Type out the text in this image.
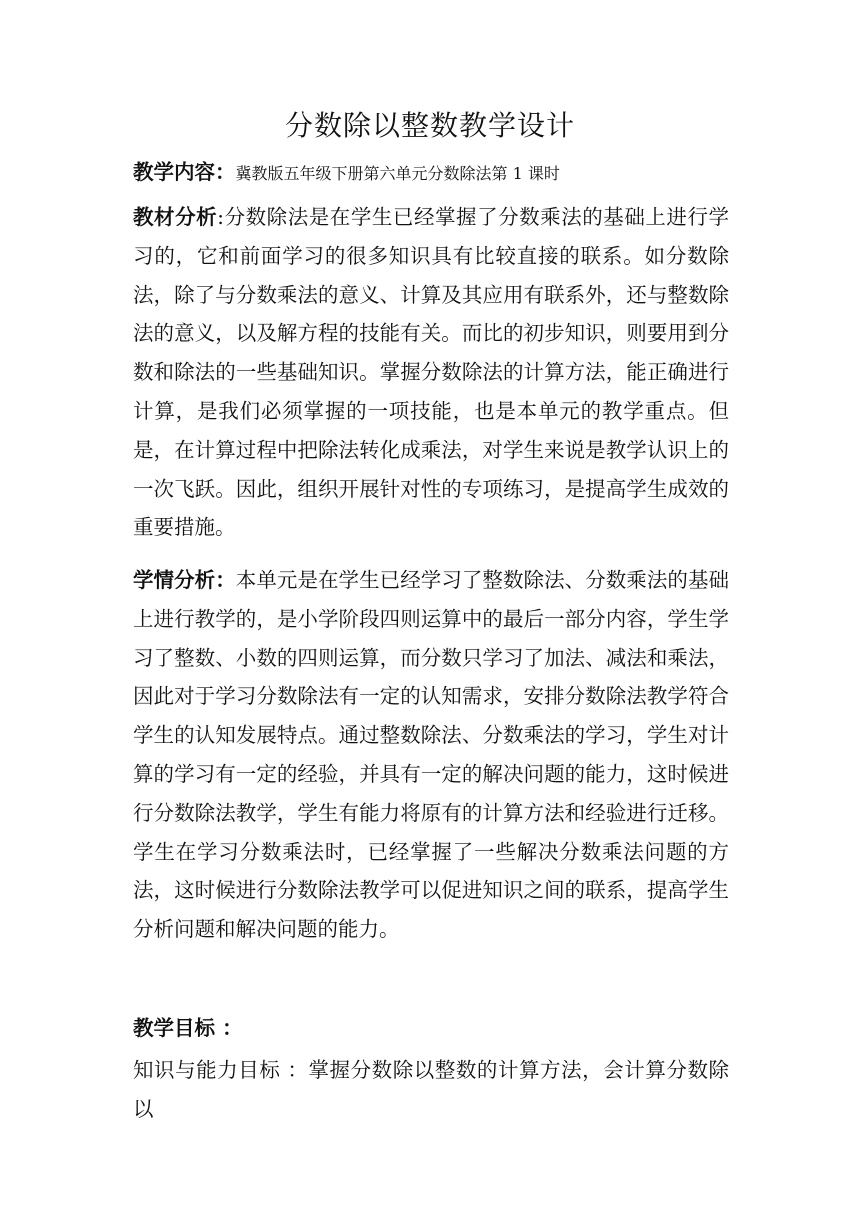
分数除以整数教学设计
教学内容：冀教版五年级下册第六单元分数除法第 1 课时
教材分析:分数除法是在学生已经掌握了分数乘法的基础上进行学习的，它和前面学习的很多知识具有比较直接的联系。如分数除法，除了与分数乘法的意义、计算及其应用有联系外，还与整数除法的意义，以及解方程的技能有关。而比的初步知识，则要用到分数和除法的一些基础知识。掌握分数除法的计算方法，能正确进行计算，是我们必须掌握的一项技能，也是本单元的教学重点。但是，在计算过程中把除法转化成乘法，对学生来说是教学认识上的一次飞跃。因此，组织开展针对性的专项练习，是提高学生成效的重要措施。
学情分析：本单元是在学生已经学习了整数除法、分数乘法的基础上进行教学的，是小学阶段四则运算中的最后一部分内容，学生学习了整数、小数的四则运算，而分数只学习了加法、减法和乘法，因此对于学习分数除法有一定的认知需求，安排分数除法教学符合学生的认知发展特点。通过整数除法、分数乘法的学习，学生对计算的学习有一定的经验，并具有一定的解决问题的能力，这时候进行分数除法教学，学生有能力将原有的计算方法和经验进行迁移。学生在学习分数乘法时，已经掌握了一些解决分数乘法问题的方法，这时候进行分数除法教学可以促进知识之间的联系，提高学生分析问题和解决问题的能力。
教学目标 ：
知识与能力目标 ：掌握分数除以整数的计算方法，会计算分数除以
